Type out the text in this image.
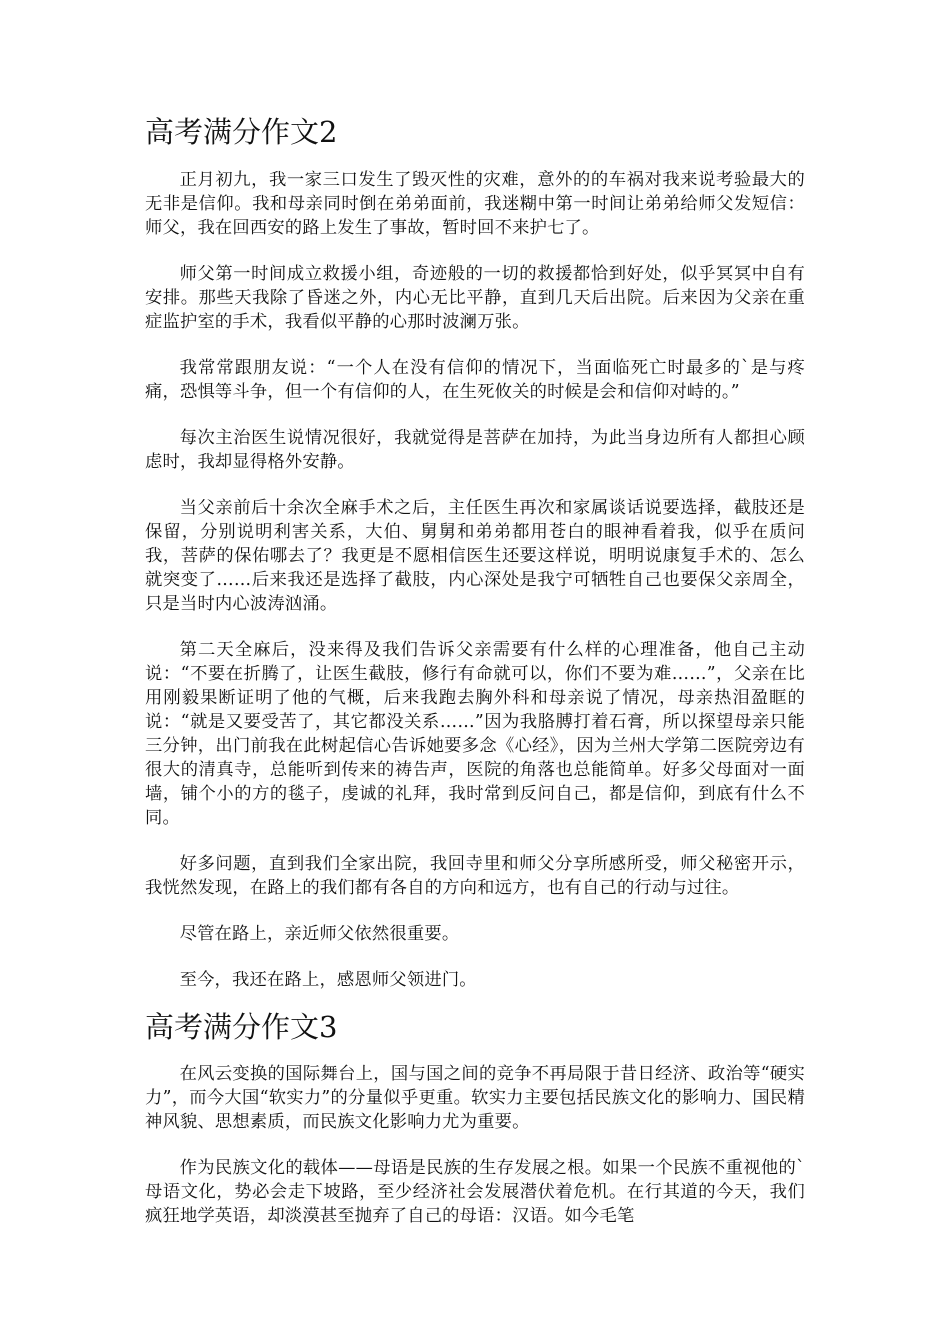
高考满分作文2

正月初九，我一家三口发生了毁灭性的灾难，意外的的车祸对我来说考验最大的无非是信仰。我和母亲同时倒在弟弟面前，我迷糊中第一时间让弟弟给师父发短信：师父，我在回西安的路上发生了事故，暂时回不来护七了。

师父第一时间成立救援小组，奇迹般的一切的救援都恰到好处，似乎冥冥中自有安排。那些天我除了昏迷之外，内心无比平静，直到几天后出院。后来因为父亲在重症监护室的手术，我看似平静的心那时波澜万张。

我常常跟朋友说：“一个人在没有信仰的情况下，当面临死亡时最多的`是与疼痛，恐惧等斗争，但一个有信仰的人，在生死攸关的时候是会和信仰对峙的。”

每次主治医生说情况很好，我就觉得是菩萨在加持，为此当身边所有人都担心顾虑时，我却显得格外安静。

当父亲前后十余次全麻手术之后，主任医生再次和家属谈话说要选择，截肢还是保留，分别说明利害关系，大伯、舅舅和弟弟都用苍白的眼神看着我，似乎在质问我，菩萨的保佑哪去了？我更是不愿相信医生还要这样说，明明说康复手术的、怎么就突变了……后来我还是选择了截肢，内心深处是我宁可牺牲自己也要保父亲周全，只是当时内心波涛汹涌。

第二天全麻后，没来得及我们告诉父亲需要有什么样的心理准备，他自己主动说：“不要在折腾了，让医生截肢，修行有命就可以，你们不要为难……”，父亲在比用刚毅果断证明了他的气概，后来我跑去胸外科和母亲说了情况，母亲热泪盈眶的说：“就是又要受苦了，其它都没关系……”因为我胳膊打着石膏，所以探望母亲只能三分钟，出门前我在此树起信心告诉她要多念《心经》，因为兰州大学第二医院旁边有很大的清真寺，总能听到传来的祷告声，医院的角落也总能简单。好多父母面对一面墙，铺个小的方的毯子，虔诚的礼拜，我时常到反问自己，都是信仰，到底有什么不同。

好多问题，直到我们全家出院，我回寺里和师父分享所感所受，师父秘密开示，我恍然发现，在路上的我们都有各自的方向和远方，也有自己的行动与过往。

尽管在路上，亲近师父依然很重要。

至今，我还在路上，感恩师父领进门。

高考满分作文3

在风云变换的国际舞台上，国与国之间的竞争不再局限于昔日经济、政治等“硬实力”，而今大国“软实力”的分量似乎更重。软实力主要包括民族文化的影响力、国民精神风貌、思想素质，而民族文化影响力尤为重要。

作为民族文化的载体——母语是民族的生存发展之根。如果一个民族不重视他的`母语文化，势必会走下坡路，至少经济社会发展潜伏着危机。在行其道的今天，我们疯狂地学英语，却淡漠甚至抛弃了自己的母语：汉语。如今毛笔
